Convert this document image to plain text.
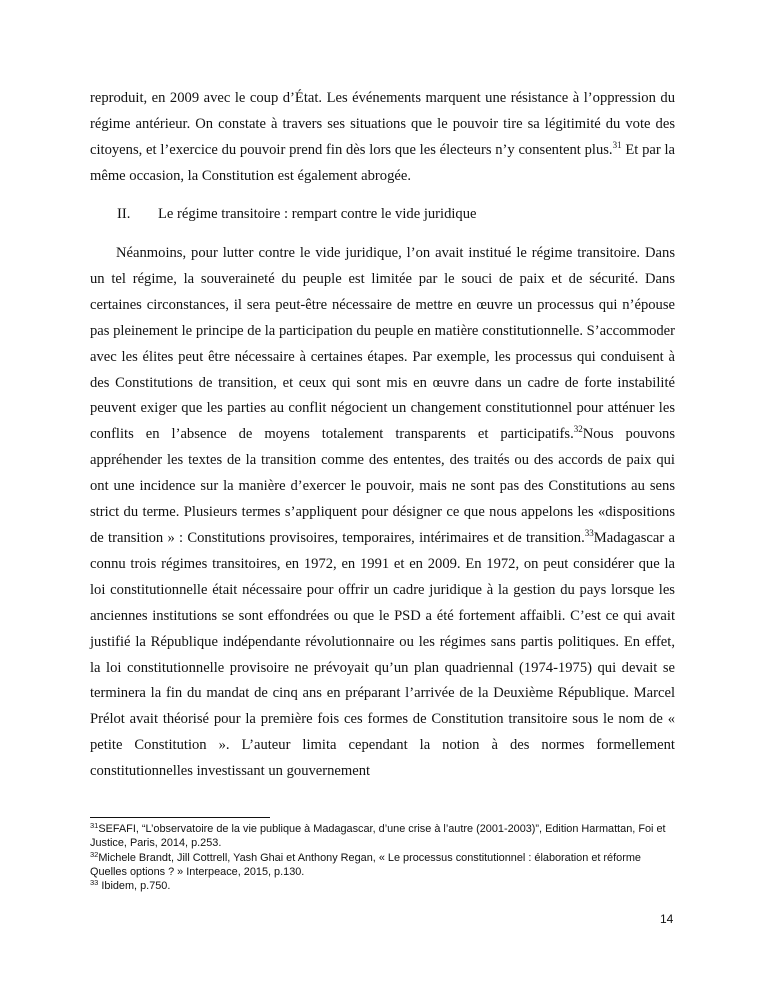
reproduit, en 2009 avec le coup d’État. Les événements marquent une résistance à l’oppression du régime antérieur. On constate à travers ses situations que le pouvoir tire sa légitimité du vote des citoyens, et l’exercice du pouvoir prend fin dès lors que les électeurs n’y consentent plus.$^{31}$ Et par la même occasion, la Constitution est également abrogée.

II. Le régime transitoire : rempart contre le vide juridique

Néanmoins, pour lutter contre le vide juridique, l’on avait institué le régime transitoire. Dans un tel régime, la souveraineté du peuple est limitée par le souci de paix et de sécurité. Dans certaines circonstances, il sera peut-être nécessaire de mettre en œuvre un processus qui n’épouse pas pleinement le principe de la participation du peuple en matière constitutionnelle. S’accommoder avec les élites peut être nécessaire à certaines étapes. Par exemple, les processus qui conduisent à des Constitutions de transition, et ceux qui sont mis en œuvre dans un cadre de forte instabilité peuvent exiger que les parties au conflit négocient un changement constitutionnel pour atténuer les conflits en l’absence de moyens totalement transparents et participatifs.$^{32}$Nous pouvons appréhender les textes de la transition comme des ententes, des traités ou des accords de paix qui ont une incidence sur la manière d’exercer le pouvoir, mais ne sont pas des Constitutions au sens strict du terme. Plusieurs termes s’appliquent pour désigner ce que nous appelons les «dispositions de transition » : Constitutions provisoires, temporaires, intérimaires et de transition.$^{33}$Madagascar a connu trois régimes transitoires, en 1972, en 1991 et en 2009. En 1972, on peut considérer que la loi constitutionnelle était nécessaire pour offrir un cadre juridique à la gestion du pays lorsque les anciennes institutions se sont effondrées ou que le PSD a été fortement affaibli. C’est ce qui avait justifié la République indépendante révolutionnaire ou les régimes sans partis politiques. En effet, la loi constitutionnelle provisoire ne prévoyait qu’un plan quadriennal (1974-1975) qui devait se terminera la fin du mandat de cinq ans en préparant l’arrivée de la Deuxième République. Marcel Prélot avait théorisé pour la première fois ces formes de Constitution transitoire sous le nom de « petite Constitution ». L’auteur limita cependant la notion à des normes formellement constitutionnelles investissant un gouvernement

$^{31}$SEFAFI, “L’observatoire de la vie publique à Madagascar, d’une crise à l’autre (2001-2003)”, Edition Harmattan, Foi et Justice, Paris, 2014, p.253.
$^{32}$Michele Brandt, Jill Cottrell, Yash Ghai et Anthony Regan, « Le processus constitutionnel : élaboration et réforme Quelles options ? » Interpeace, 2015, p.130.
$^{33}$ Ibidem, p.750.
14
